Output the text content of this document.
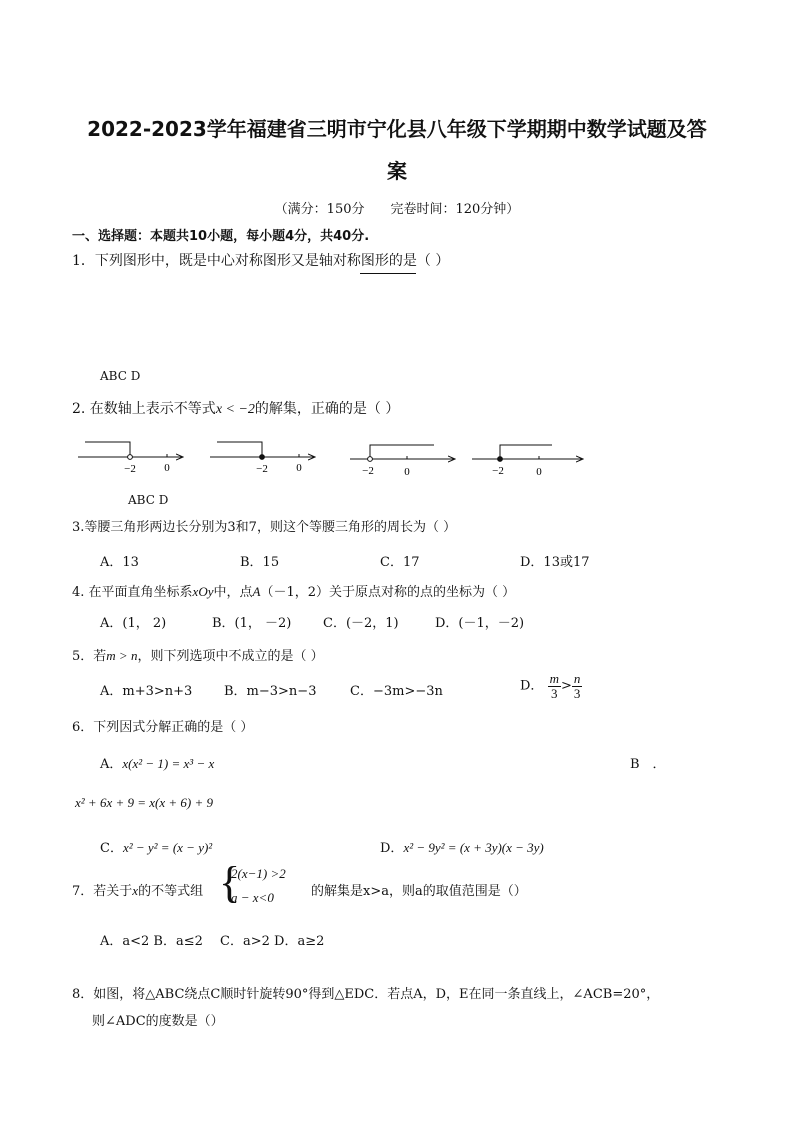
2022-2023学年福建省三明市宁化县八年级下学期期中数学试题及答
案
（满分：150分　　完卷时间：120分钟）
一、选择题：本题共10小题，每小题4分，共40分.
1．下列图形中，既是中心对称图形又是轴对称图形的是（ ）
ABC D
2. 在数轴上表示不等式x < −2的解集，正确的是（ ）
−2	0	−2	0	−2	0	−2	0
ABC D
3.等腰三角形两边长分别为3和7，则这个等腰三角形的周长为（ ）
A．13	B．15	C．17	D．13或17
4. 在平面直角坐标系xOy中，点A（－1，2）关于原点对称的点的坐标为（ ）
A．(1， 2)	B．(1， －2) C．(－2，1)	D．(－1，－2)
5．若m > n，则下列选项中不成立的是（ ）
A．m+3>n+3 B．m−3>n−3	C．−3m>−3n	D． $\frac{m}{3} > \frac{n}{3}$
6．下列因式分解正确的是（ ）
A．x(x² − 1) = x³ − x	B　．
x² + 6x + 9 = x(x + 6) + 9
C．x² − y² = (x − y)²	D．x² − 9y² = (x + 3y)(x − 3y)
7．若关于x的不等式组 {
2(x−1) >2
a − x<0	的解集是x>a，则a的取值范围是（）
A．a<2 B．a≤2　 C．a>2 D．a≥2
8．如图，将△ABC绕点C顺时针旋转90°得到△EDC．若点A，D，E在同一条直线上，∠ACB=20°，
则∠ADC的度数是（）
